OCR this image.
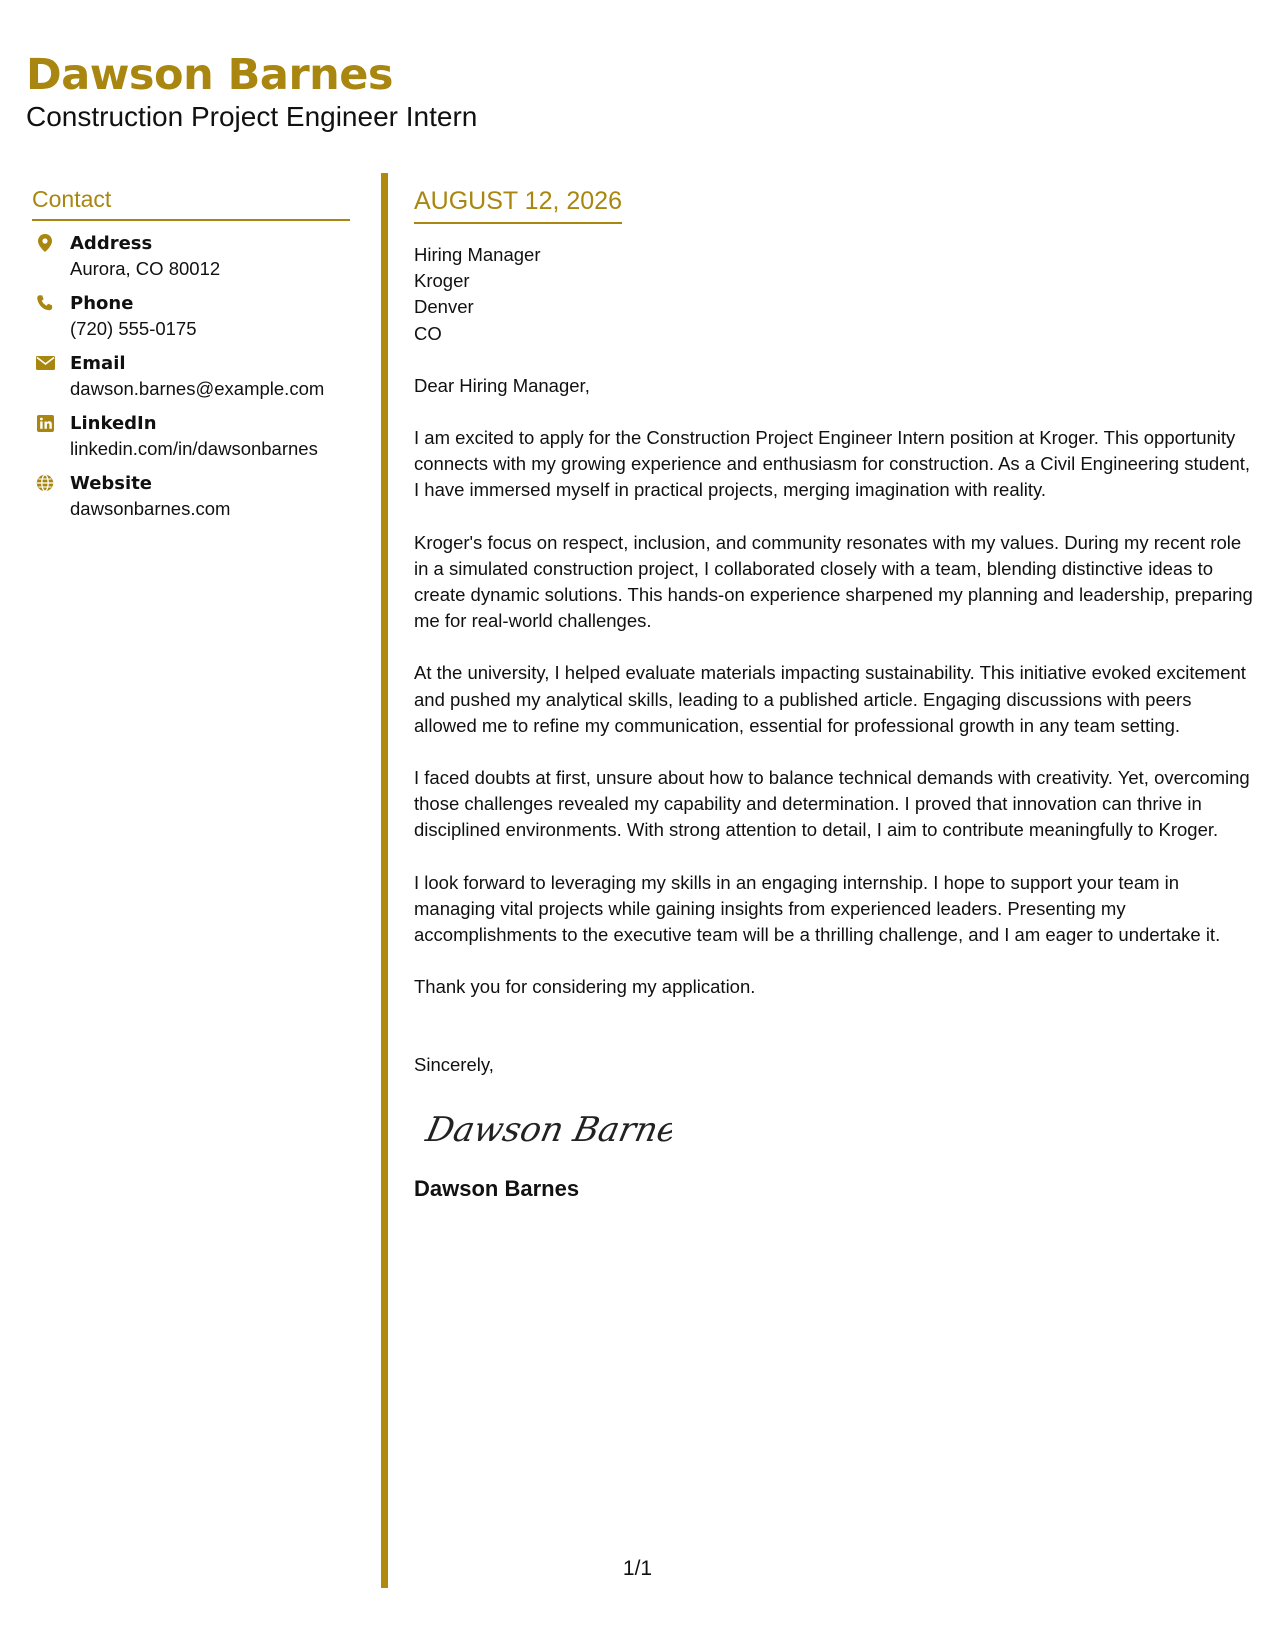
Dawson Barnes
Construction Project Engineer Intern
Contact
Address
Aurora, CO 80012
Phone
(720) 555-0175
Email
dawson.barnes@example.com
LinkedIn
linkedin.com/in/dawsonbarnes
Website
dawsonbarnes.com
AUGUST 12, 2026
Hiring Manager
Kroger
Denver
CO
Dear Hiring Manager,
I am excited to apply for the Construction Project Engineer Intern position at Kroger. This opportunity connects with my growing experience and enthusiasm for construction. As a Civil Engineering student, I have immersed myself in practical projects, merging imagination with reality.
Kroger's focus on respect, inclusion, and community resonates with my values. During my recent role in a simulated construction project, I collaborated closely with a team, blending distinctive ideas to create dynamic solutions. This hands-on experience sharpened my planning and leadership, preparing me for real-world challenges.
At the university, I helped evaluate materials impacting sustainability. This initiative evoked excitement and pushed my analytical skills, leading to a published article. Engaging discussions with peers allowed me to refine my communication, essential for professional growth in any team setting.
I faced doubts at first, unsure about how to balance technical demands with creativity. Yet, overcoming those challenges revealed my capability and determination. I proved that innovation can thrive in disciplined environments. With strong attention to detail, I aim to contribute meaningfully to Kroger.
I look forward to leveraging my skills in an engaging internship. I hope to support your team in managing vital projects while gaining insights from experienced leaders. Presenting my accomplishments to the executive team will be a thrilling challenge, and I am eager to undertake it.
Thank you for considering my application.
Sincerely,
Dawson Barnes
Dawson Barnes
1/1
